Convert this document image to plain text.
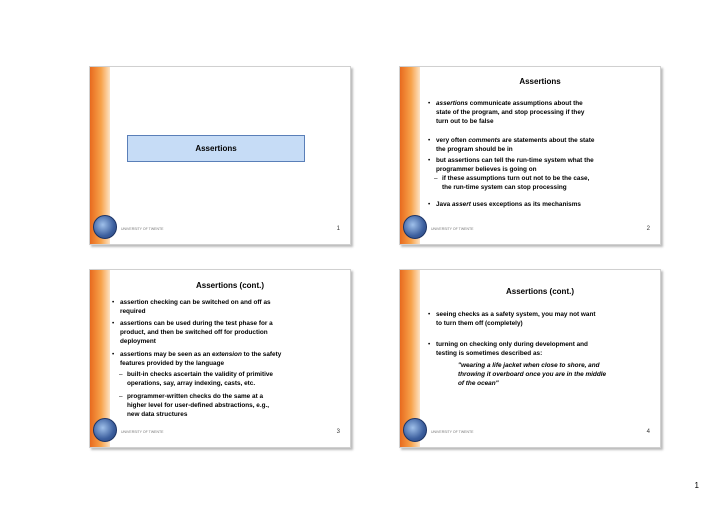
Assertions
UNIVERSITY OF TWENTE	1
Assertions
• assertions communicate assumptions about the
state of the program, and stop processing if they
turn out to be false
• very often comments are statements about the state
the program should be in
• but assertions can tell the run-time system what the
programmer believes is going on
– if these assumptions turn out not to be the case,
the run-time system can stop processing
• Java assert uses exceptions as its mechanisms
UNIVERSITY OF TWENTE	2
Assertions (cont.)
• assertion checking can be switched on and off as
required
• assertions can be used during the test phase for a
product, and then be switched off for production
deployment
• assertions may be seen as an extension to the safety
features provided by the language
– built-in checks ascertain the validity of primitive
operations, say, array indexing, casts, etc.
– programmer-written checks do the same at a
higher level for user-defined abstractions, e.g.,
new data structures
UNIVERSITY OF TWENTE	3
Assertions (cont.)
• seeing checks as a safety system, you may not want
to turn them off (completely)
• turning on checking only during development and
testing is sometimes described as:
"wearing a life jacket when close to shore, and
throwing it overboard once you are in the middle
of the ocean"
UNIVERSITY OF TWENTE	4
1
